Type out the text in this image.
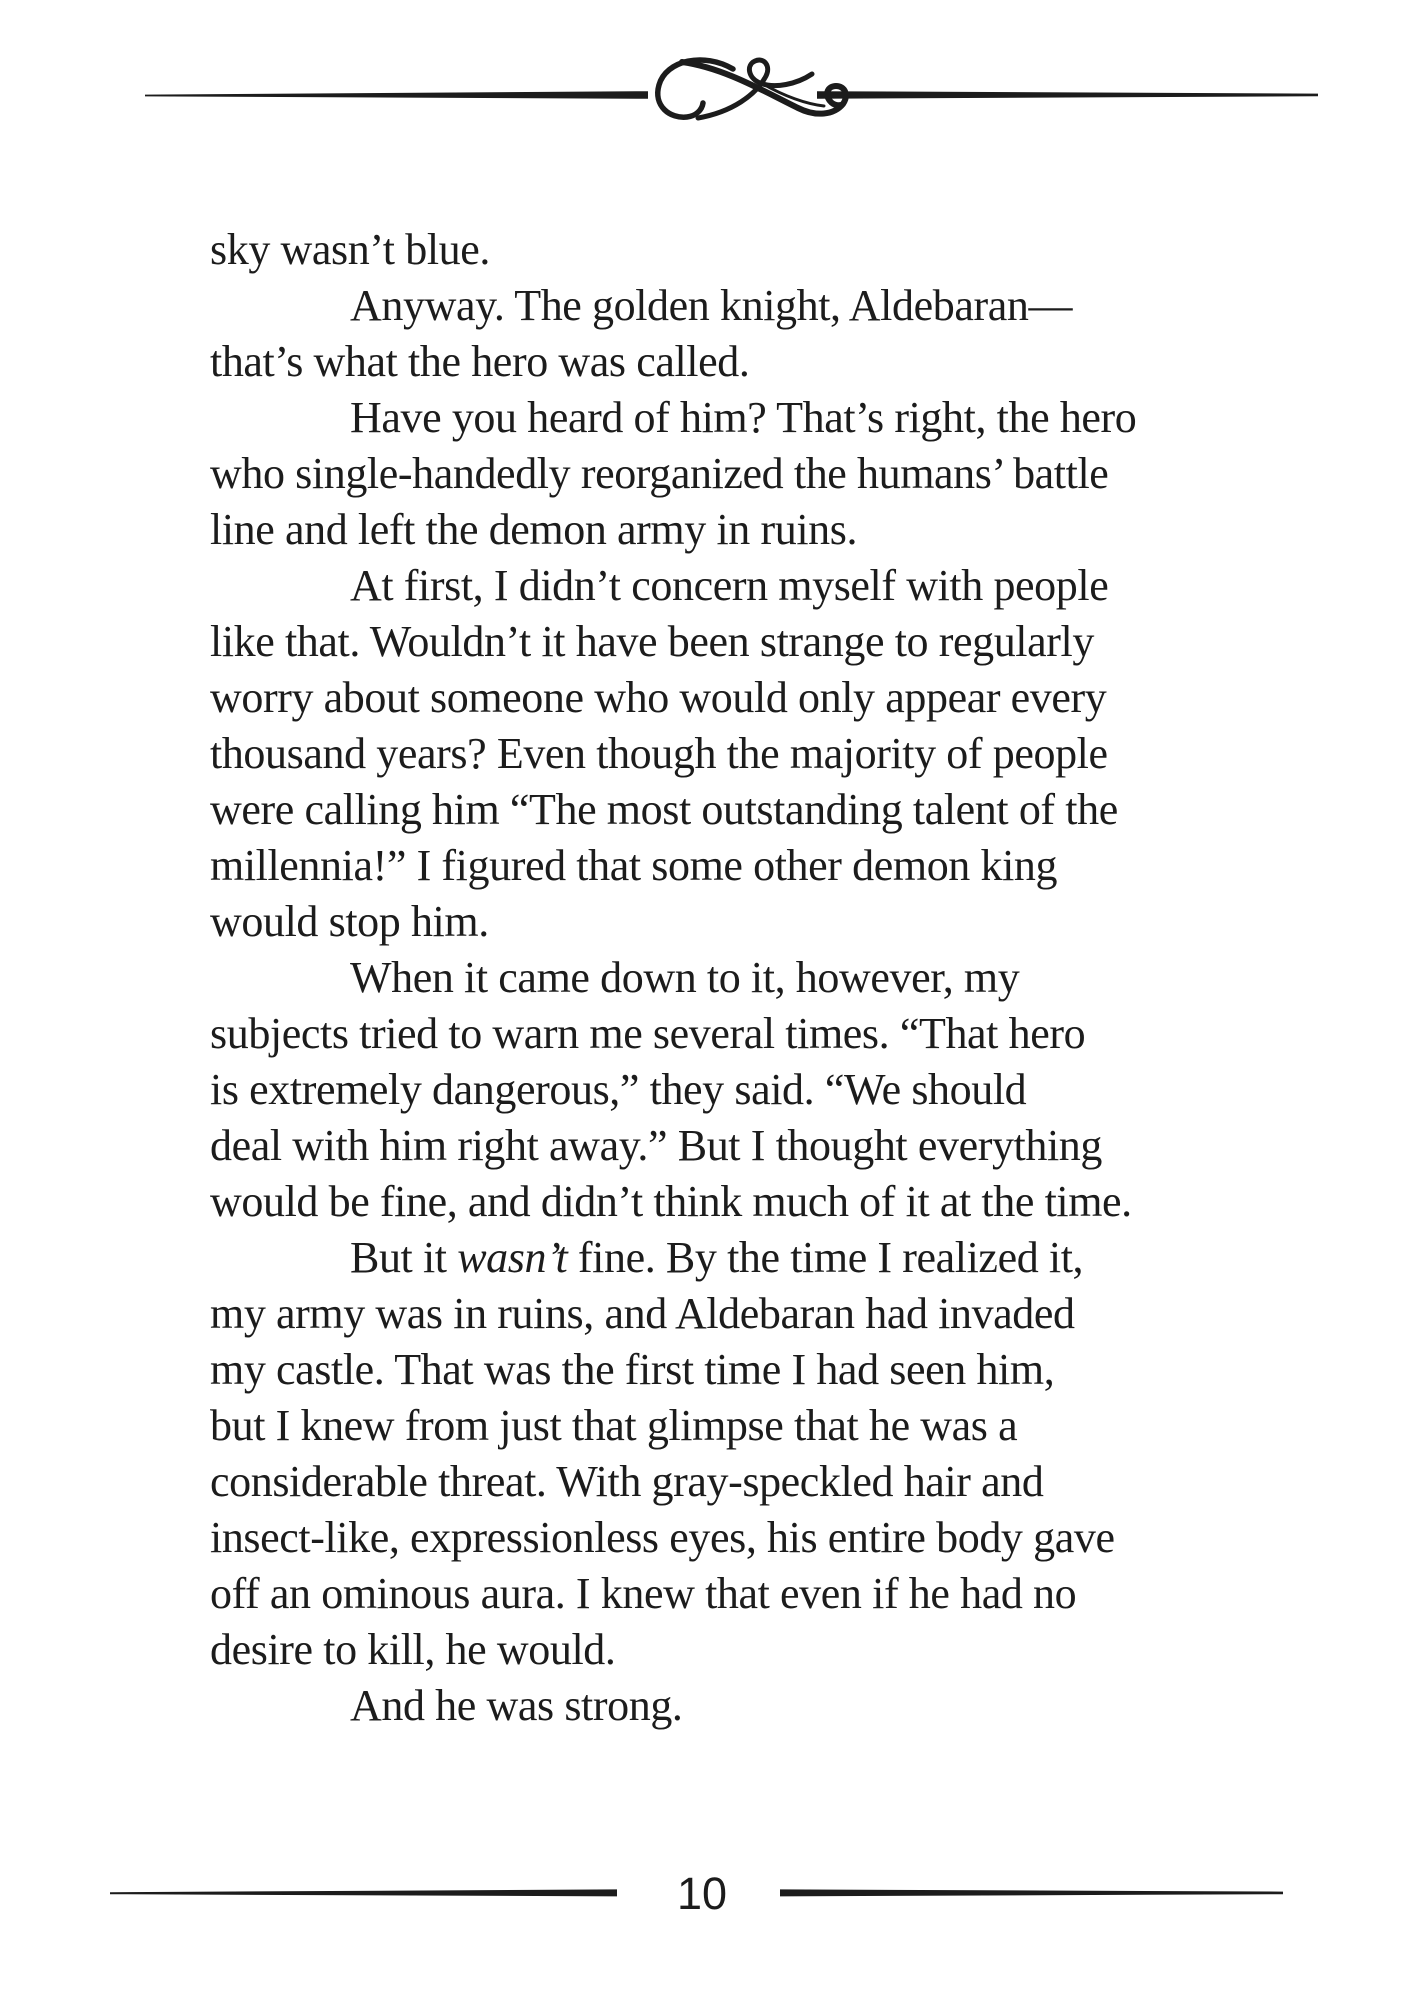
sky wasn’t blue.

Anyway. The golden knight, Aldebaran—

that’s what the hero was called.

Have you heard of him? That’s right, the hero

who single-handedly reorganized the humans’ battle

line and left the demon army in ruins.

At first, I didn’t concern myself with people

like that. Wouldn’t it have been strange to regularly

worry about someone who would only appear every

thousand years? Even though the majority of people

were calling him “The most outstanding talent of the

millennia!” I figured that some other demon king

would stop him.

When it came down to it, however, my

subjects tried to warn me several times. “That hero

is extremely dangerous,” they said. “We should

deal with him right away.” But I thought everything

would be fine, and didn’t think much of it at the time.

But it wasn’t fine. By the time I realized it,

my army was in ruins, and Aldebaran had invaded

my castle. That was the first time I had seen him,

but I knew from just that glimpse that he was a

considerable threat. With gray-speckled hair and

insect-like, expressionless eyes, his entire body gave

off an ominous aura. I knew that even if he had no

desire to kill, he would.

And he was strong.

10
